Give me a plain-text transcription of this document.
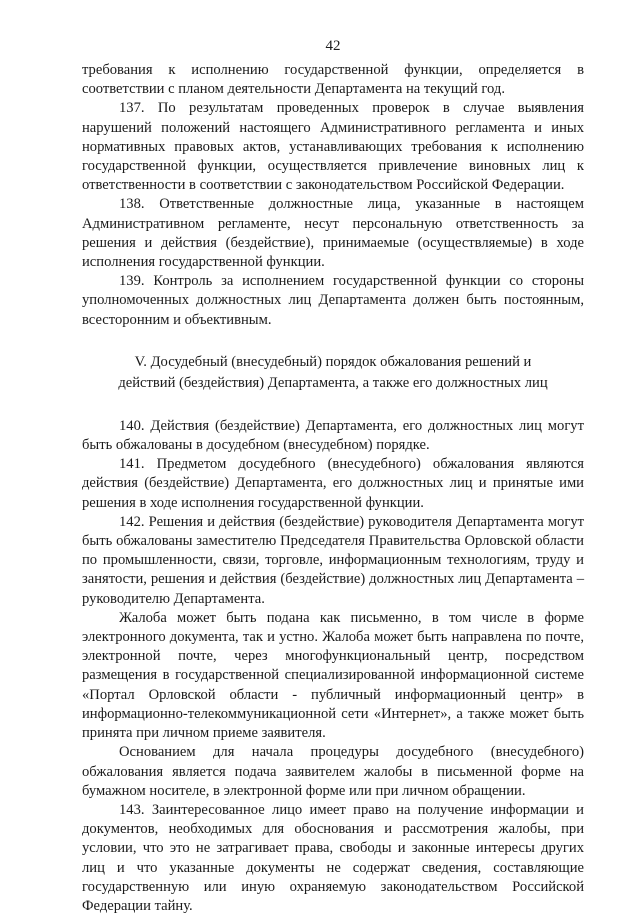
42

требования к исполнению государственной функции, определяется в соответствии с планом деятельности Департамента на текущий год.

137. По результатам проведенных проверок в случае выявления нарушений положений настоящего Административного регламента и иных нормативных правовых актов, устанавливающих требования к исполнению государственной функции, осуществляется привлечение виновных лиц к ответственности в соответствии с законодательством Российской Федерации.

138. Ответственные должностные лица, указанные в настоящем Административном регламенте, несут персональную ответственность за решения и действия (бездействие), принимаемые (осуществляемые) в ходе исполнения государственной функции.

139. Контроль за исполнением государственной функции со стороны уполномоченных должностных лиц Департамента должен быть постоянным, всесторонним и объективным.

V. Досудебный (внесудебный) порядок обжалования решений и
действий (бездействия) Департамента, а также его должностных лиц

140. Действия (бездействие) Департамента, его должностных лиц могут быть обжалованы в досудебном (внесудебном) порядке.

141. Предметом досудебного (внесудебного) обжалования являются действия (бездействие) Департамента, его должностных лиц и принятые ими решения в ходе исполнения государственной функции.

142. Решения и действия (бездействие) руководителя Департамента могут быть обжалованы заместителю Председателя Правительства Орловской области по промышленности, связи, торговле, информационным технологиям, труду и занятости, решения и действия (бездействие) должностных лиц Департамента – руководителю Департамента.

Жалоба может быть подана как письменно, в том числе в форме электронного документа, так и устно. Жалоба может быть направлена по почте, электронной почте, через многофункциональный центр, посредством размещения в государственной специализированной информационной системе «Портал Орловской области - публичный информационный центр» в информационно-телекоммуникационной сети «Интернет», а также может быть принята при личном приеме заявителя.

Основанием для начала процедуры досудебного (внесудебного) обжалования является подача заявителем жалобы в письменной форме на бумажном носителе, в электронной форме или при личном обращении.

143. Заинтересованное лицо имеет право на получение информации и документов, необходимых для обоснования и рассмотрения жалобы, при условии, что это не затрагивает права, свободы и законные интересы других лиц и что указанные документы не содержат сведения, составляющие государственную или иную охраняемую законодательством Российской Федерации тайну.
